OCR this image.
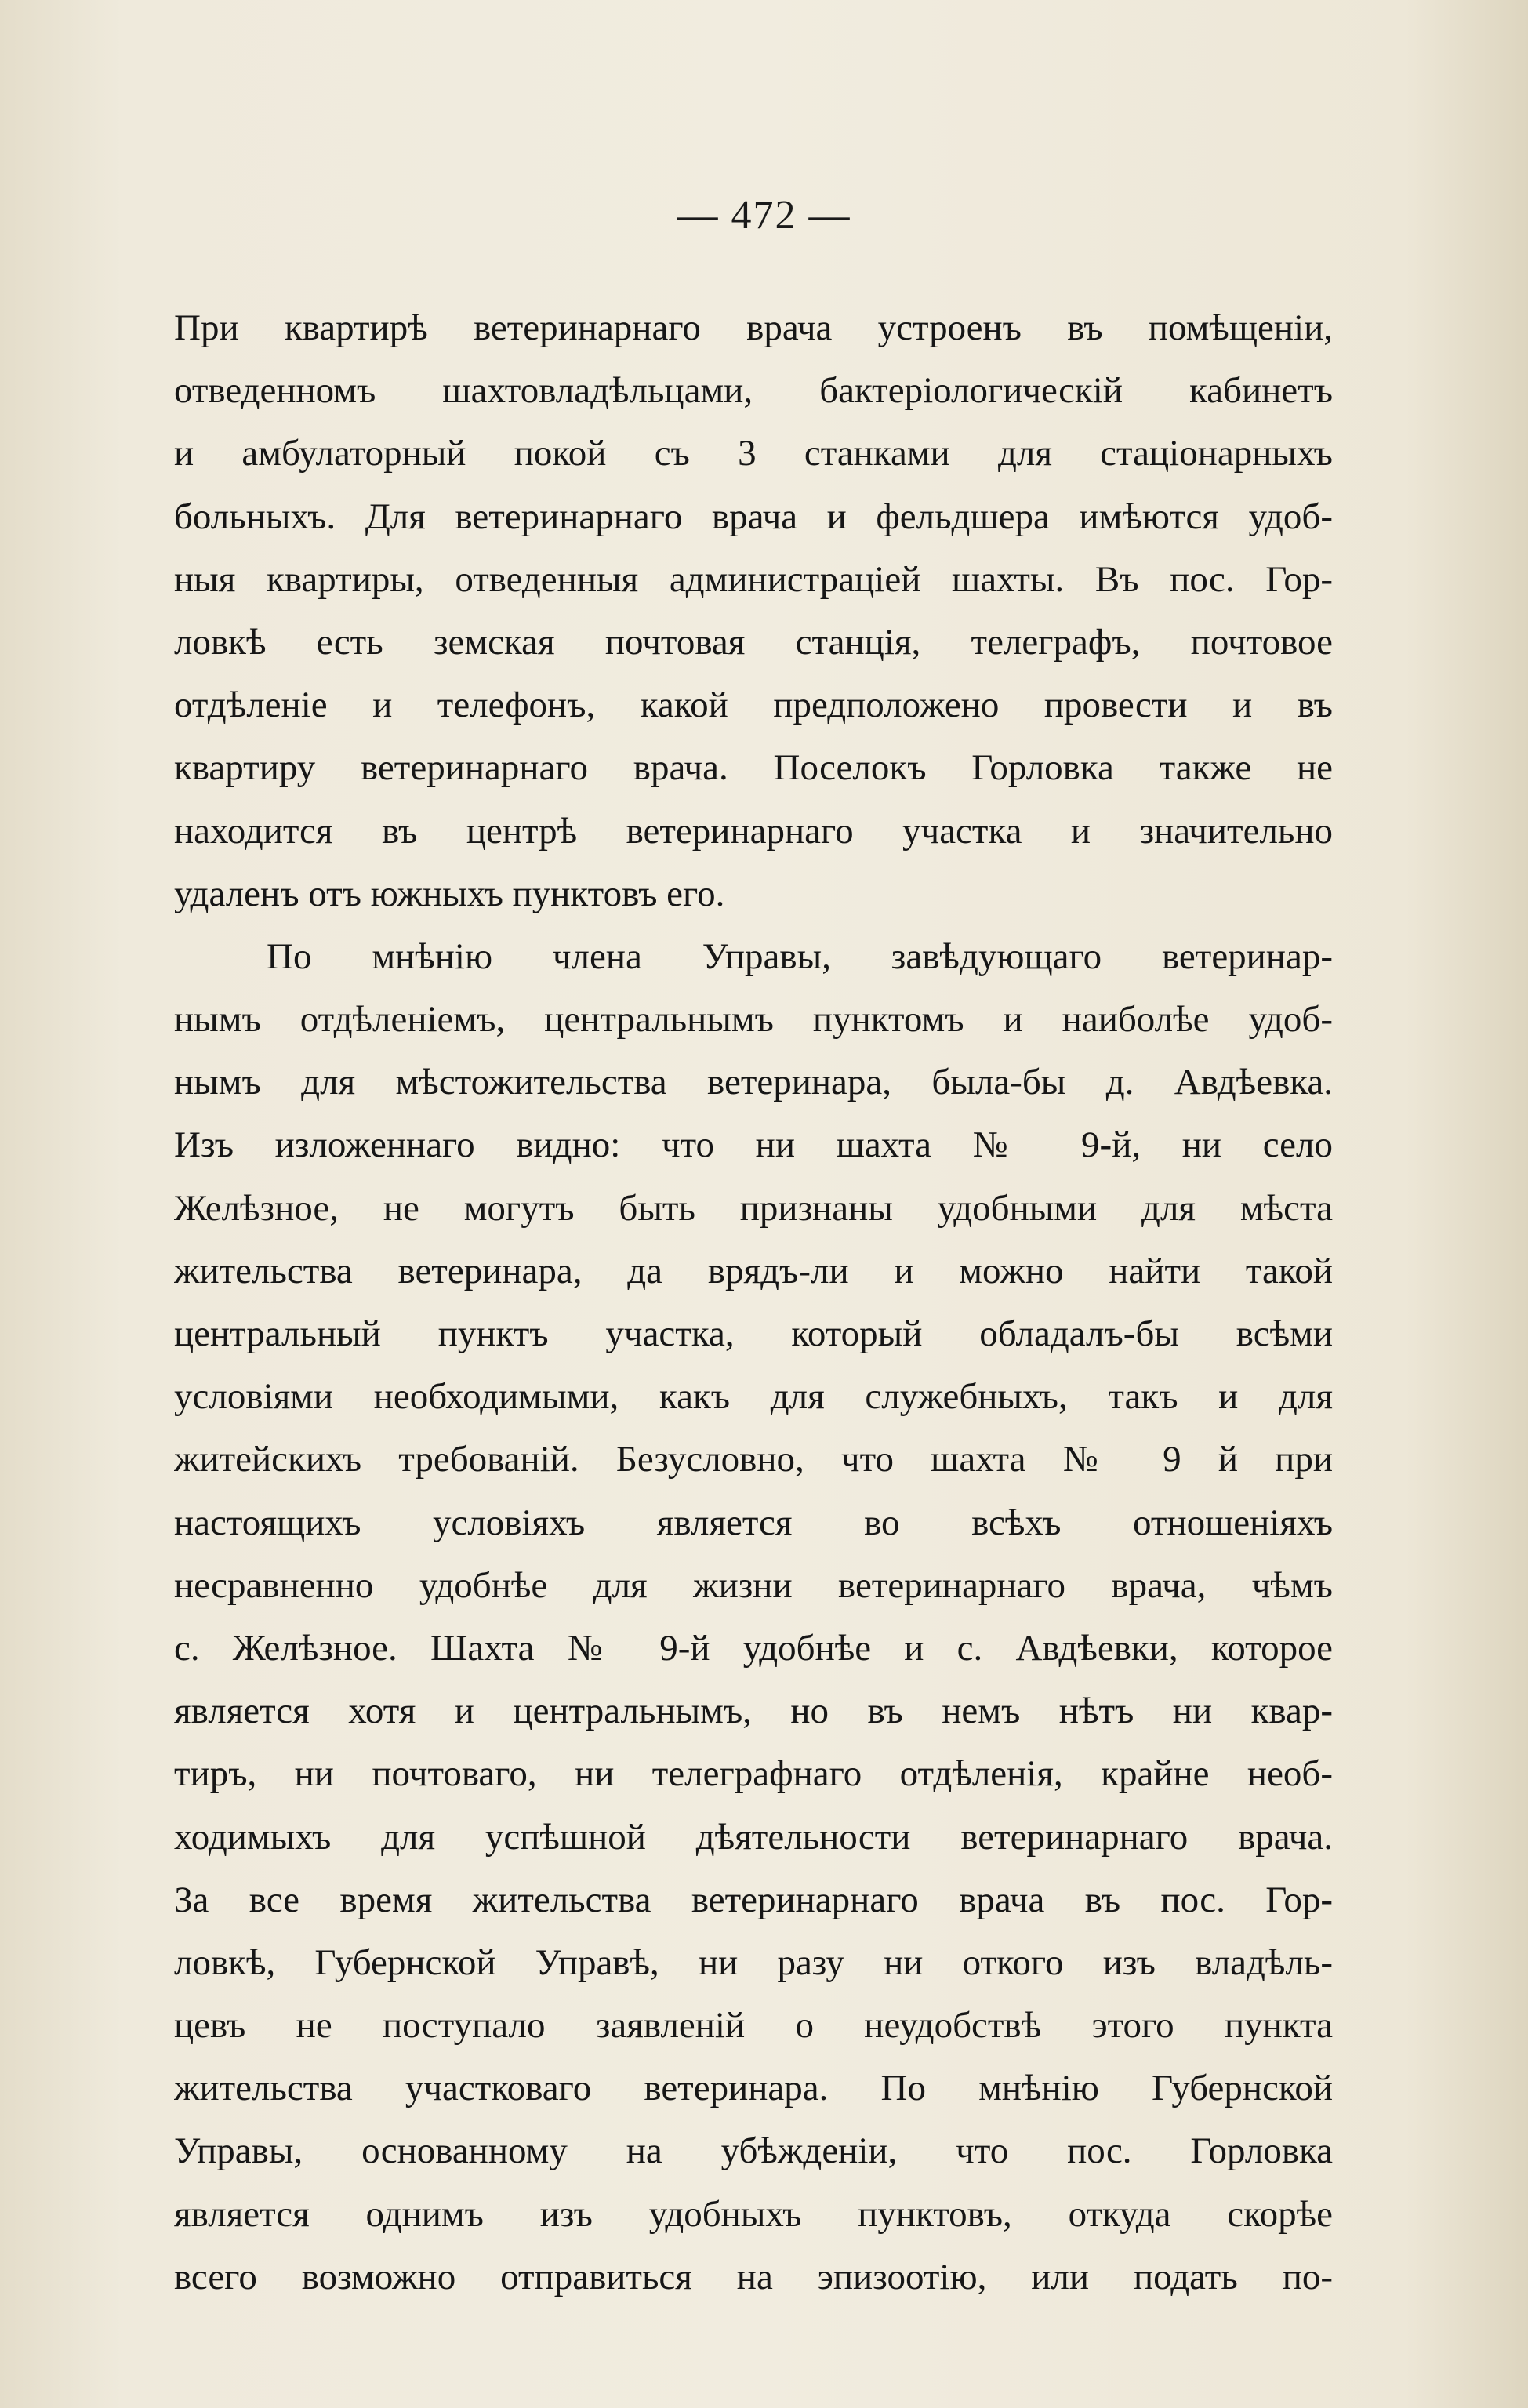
— 472 —
При квартирѣ ветеринарнаго врача устроенъ въ помѣщеніи,
отведенномъ шахтовладѣльцами, бактеріологическій кабинетъ
и амбулаторный покой съ 3 станками для стаціонарныхъ
больныхъ. Для ветеринарнаго врача и фельдшера имѣются удоб-
ныя квартиры, отведенныя администраціей шахты. Въ пос. Гор-
ловкѣ есть земская почтовая станція, телеграфъ, почтовое
отдѣленіе и телефонъ, какой предположено провести и въ
квартиру ветеринарнаго врача. Поселокъ Горловка также не
находится въ центрѣ ветеринарнаго участка и значительно
удаленъ отъ южныхъ пунктовъ его.
По мнѣнію члена Управы, завѣдующаго ветеринар-
нымъ отдѣленіемъ, центральнымъ пунктомъ и наиболѣе удоб-
нымъ для мѣстожительства ветеринара, была-бы д. Авдѣевка.
Изъ изложеннаго видно: что ни шахта № 9-й, ни село
Желѣзное, не могутъ быть признаны удобными для мѣста
жительства ветеринара, да врядъ-ли и можно найти такой
центральный пунктъ участка, который обладалъ-бы всѣми
условіями необходимыми, какъ для служебныхъ, такъ и для
житейскихъ требованій. Безусловно, что шахта № 9 й при
настоящихъ условіяхъ является во всѣхъ отношеніяхъ
несравненно удобнѣе для жизни ветеринарнаго врача, чѣмъ
с. Желѣзное. Шахта № 9-й удобнѣе и с. Авдѣевки, которое
является хотя и центральнымъ, но въ немъ нѣтъ ни квар-
тиръ, ни почтоваго, ни телеграфнаго отдѣленія, крайне необ-
ходимыхъ для успѣшной дѣятельности ветеринарнаго врача.
За все время жительства ветеринарнаго врача въ пос. Гор-
ловкѣ, Губернской Управѣ, ни разу ни откого изъ владѣль-
цевъ не поступало заявленій о неудобствѣ этого пункта
жительства участковаго ветеринара. По мнѣнію Губернской
Управы, основанному на убѣжденіи, что пос. Горловка
является однимъ изъ удобныхъ пунктовъ, откуда скорѣе
всего возможно отправиться на эпизоотію, или подать по-
